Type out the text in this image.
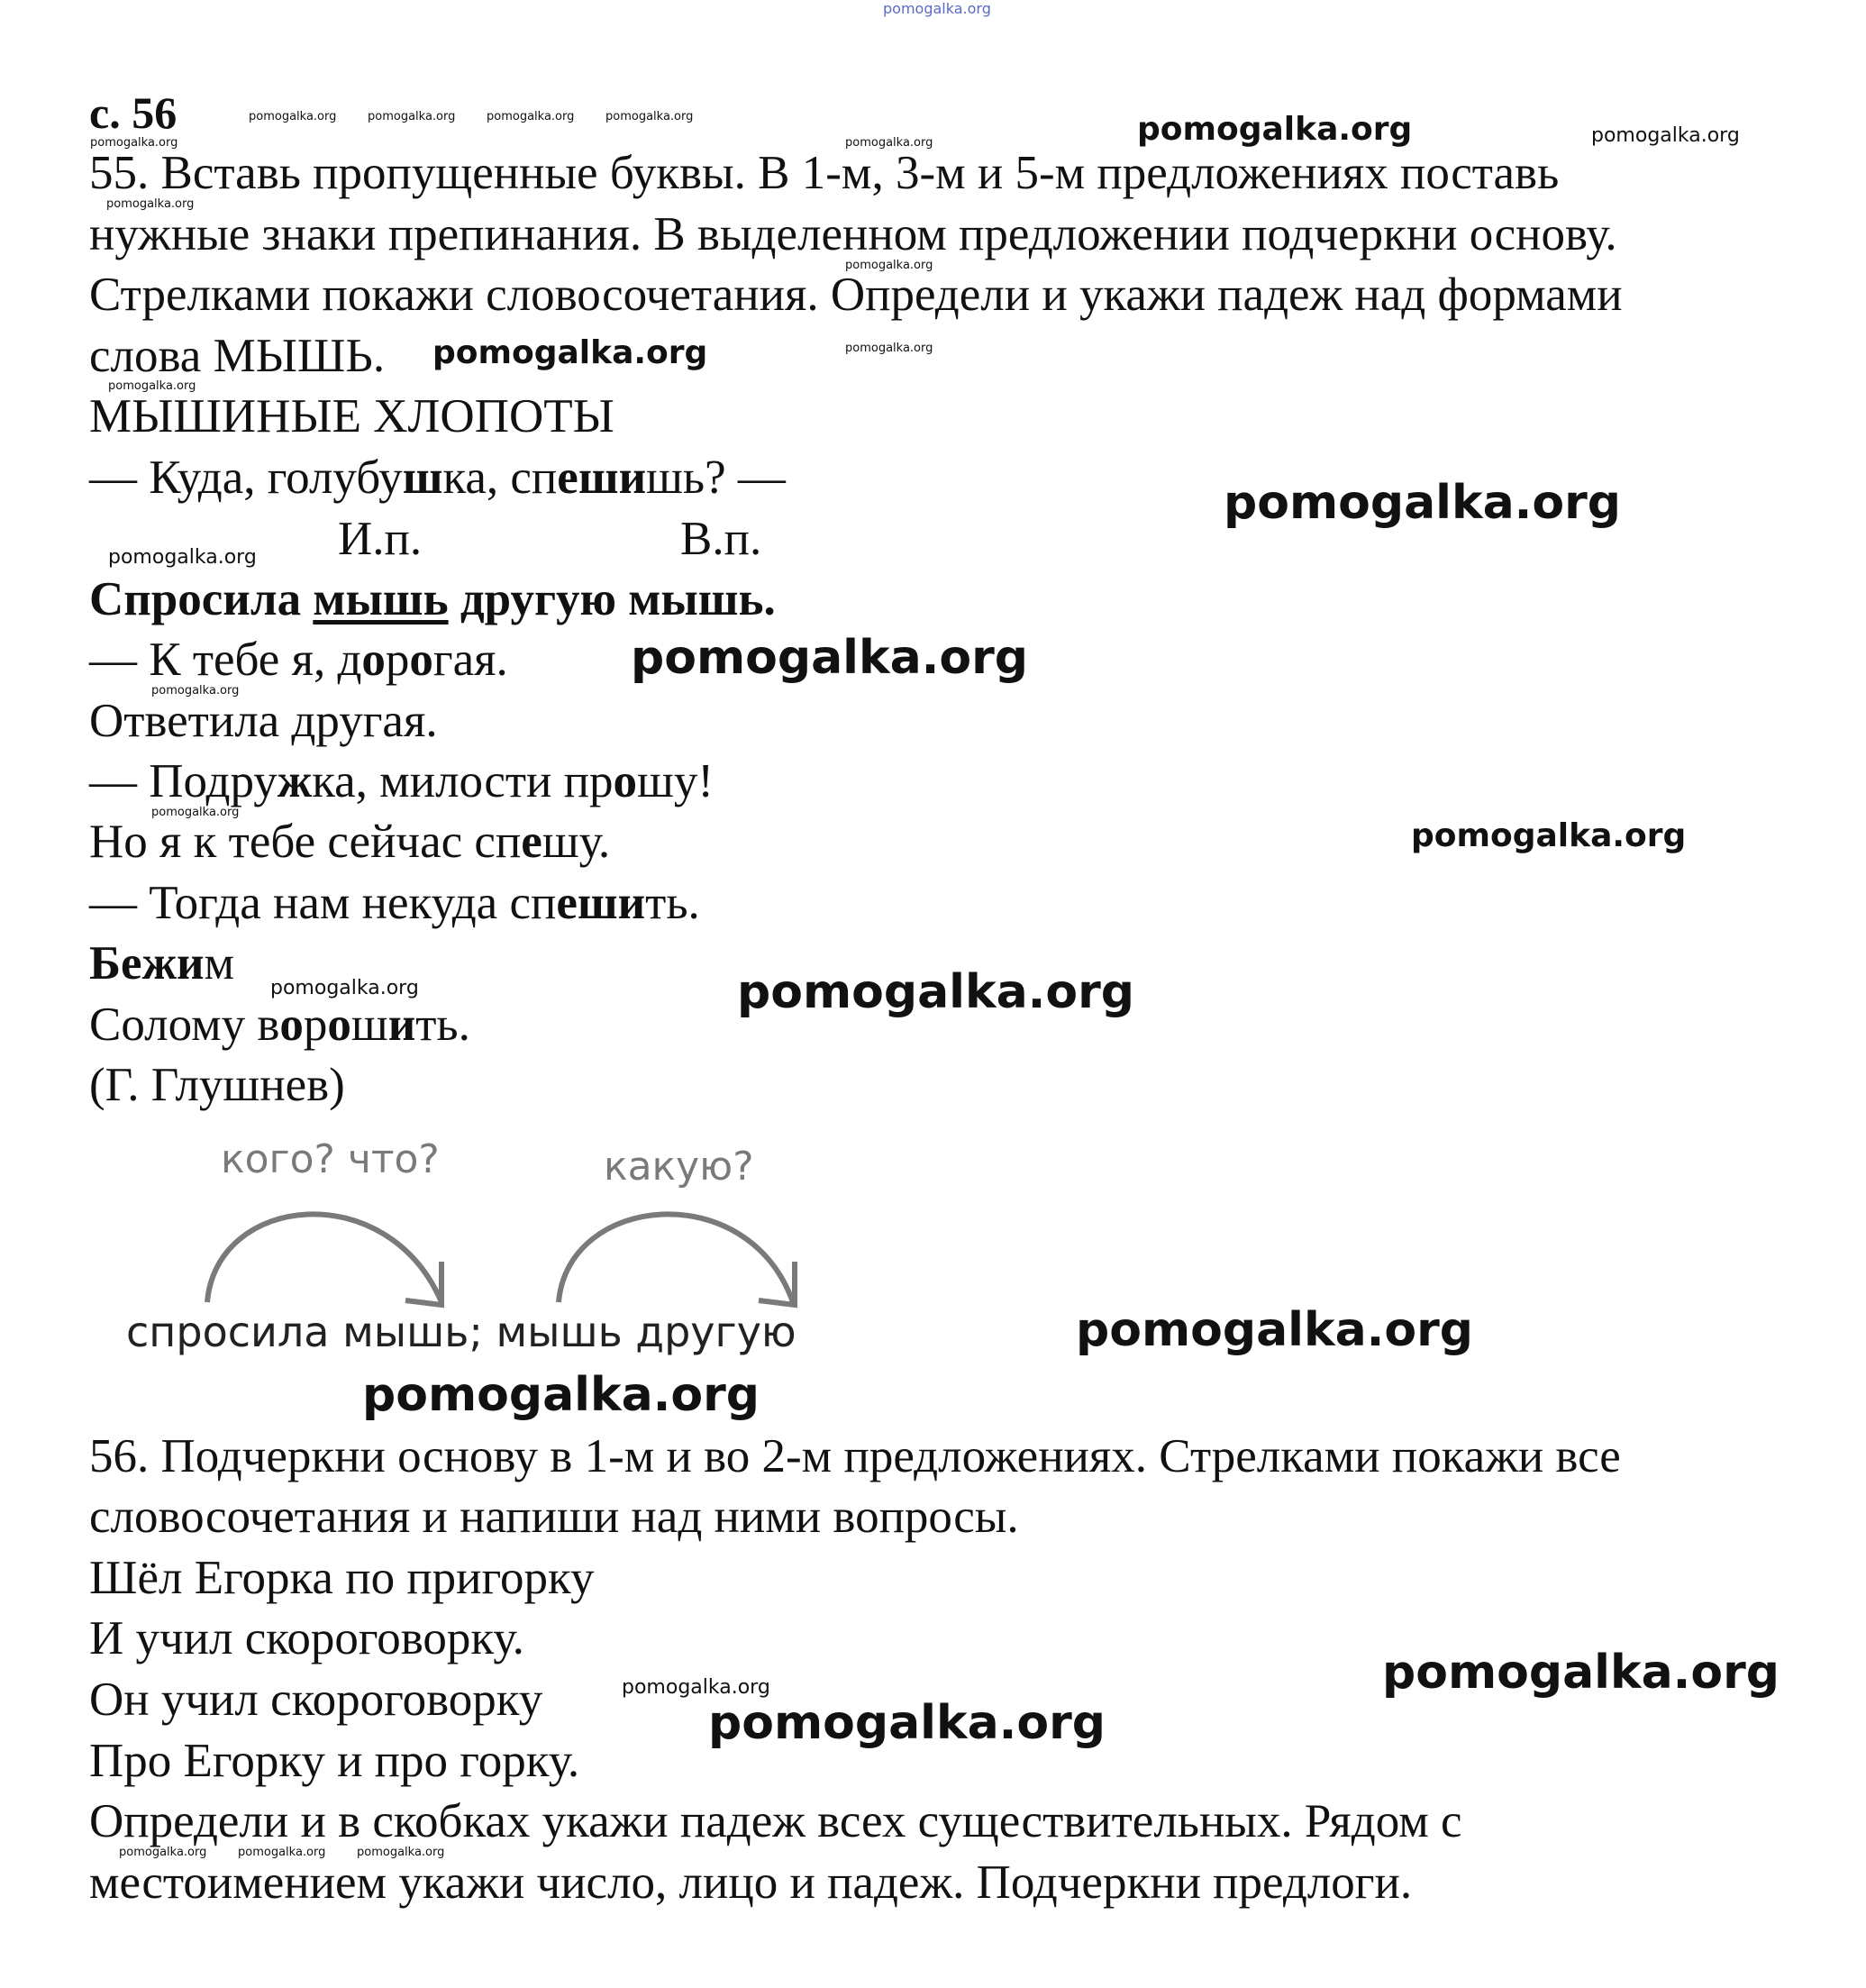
pomogalka.org
с. 56
55. Вставь пропущенные буквы. В 1-м, 3-м и 5-м предложениях поставь
нужные знаки препинания. В выделенном предложении подчеркни основу.
Стрелками покажи словосочетания. Определи и укажи падеж над формами
слова МЫШЬ.
МЫШИНЫЕ ХЛОПОТЫ
— Куда, голубушка, спешишь? —
Спросила мышь другую мышь.
— К тебе я, дорогая.
Ответила другая.
— Подружка, милости прошу!
Но я к тебе сейчас спешу.
— Тогда нам некуда спешить.
Бежим
Солому ворошить.
(Г. Глушнев)
И.п.	В.п.
кого? что?	какую?
спросила мышь; мышь другую
56. Подчеркни основу в 1-м и во 2-м предложениях. Стрелками покажи все
словосочетания и напиши над ними вопросы.
Шёл Егорка по пригорку
И учил скороговорку.
Он учил скороговорку
Про Егорку и про горку.
Определи и в скобках укажи падеж всех существительных. Рядом с
местоимением укажи число, лицо и падеж. Подчеркни предлоги.
pomogalka.org
pomogalka.org	pomogalka.org	pomogalka.org	pomogalka.org
pomogalka.org	pomogalka.org	pomogalka.org
pomogalka.org
pomogalka.org
pomogalka.org	pomogalka.org
pomogalka.org
pomogalka.org
pomogalka.org
pomogalka.org
pomogalka.org
pomogalka.org
pomogalka.org
pomogalka.org	pomogalka.org
pomogalka.org
pomogalka.org
pomogalka.org
pomogalka.org
pomogalka.org
pomogalka.org	pomogalka.org	pomogalka.org
